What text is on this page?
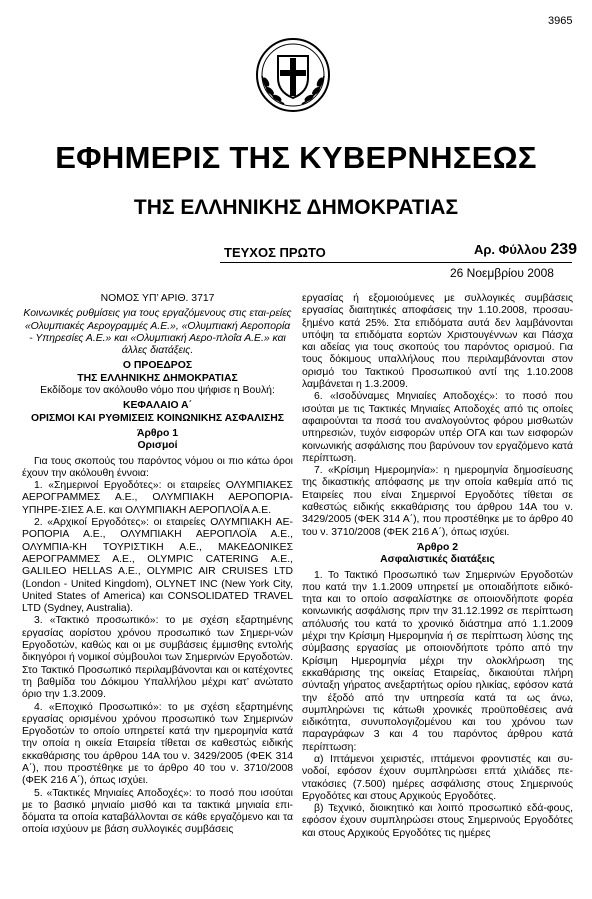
3965
ΕΦΗΜΕΡΙΣ ΤΗΣ ΚΥΒΕΡΝΗΣΕΩΣ
ΤΗΣ ΕΛΛΗΝΙΚΗΣ ΔΗΜΟΚΡΑΤΙΑΣ
ΤΕΥΧΟΣ ΠΡΩΤΟ	Αρ. Φύλλου 239
26 Νοεμβρίου 2008

ΝΟΜΟΣ ΥΠ’ ΑΡΙΘ. 3717

Κοινωνικές ρυθμίσεις για τους εργαζόμενους στις εται-ρείες «Ολυμπιακές Αερογραμμές Α.Ε.», «Ολυμπιακή Αεροπορία - Υπηρεσίες Α.Ε.» και «Ολυμπιακή Αερο-πλοΐα Α.Ε.» και άλλες διατάξεις.

Ο ΠΡΟΕΔΡΟΣ

ΤΗΣ ΕΛΛΗΝΙΚΗΣ ΔΗΜΟΚΡΑΤΙΑΣ

Εκδίδομε τον ακόλουθο νόμο που ψήφισε η Βουλή:

ΚΕΦΑΛΑΙΟ Α΄

ΟΡΙΣΜΟΙ ΚΑΙ ΡΥΘΜΙΣΕΙΣ ΚΟΙΝΩΝΙΚΗΣ ΑΣΦΑΛΙΣΗΣ

Άρθρο 1

Ορισμοί

Για τους σκοπούς του παρόντος νόμου οι πιο κάτω όροι έχουν την ακόλουθη έννοια:

1. «Σημερινοί Εργοδότες»: οι εταιρείες ΟΛΥΜΠΙΑΚΕΣ ΑΕΡΟΓΡΑΜΜΕΣ Α.Ε., ΟΛΥΜΠΙΑΚΗ ΑΕΡΟΠΟΡΙΑ-ΥΠΗΡΕ-ΣΙΕΣ Α.Ε. και ΟΛΥΜΠΙΑΚΗ ΑΕΡΟΠΛΟΪΑ Α.Ε.

2. «Αρχικοί Εργοδότες»: οι εταιρείες ΟΛΥΜΠΙΑΚΗ ΑΕ-ΡΟΠΟΡΙΑ Α.Ε., ΟΛΥΜΠΙΑΚΗ ΑΕΡΟΠΛΟΪΑ Α.Ε., ΟΛΥΜΠΙΑ-ΚΗ ΤΟΥΡΙΣΤΙΚΗ Α.Ε., ΜΑΚΕΔΟΝΙΚΕΣ ΑΕΡΟΓΡΑΜΜΕΣ Α.Ε., OLYMPIC CATERING A.E., GALILEO HELLAS A.E., OLYMPIC AIR CRUISES LTD (London - United Kingdom), OLYNET INC (New York City, United States of America) και CONSOLIDATED TRAVEL LTD (Sydney, Australia).

3. «Τακτικό προσωπικό»: το με σχέση εξαρτημένης εργασίας αορίστου χρόνου προσωπικό των Σημερι-νών Εργοδοτών, καθώς και οι με συμβάσεις έμμισθης εντολής δικηγόροι ή νομικοί σύμβουλοι των Σημερινών Εργοδοτών. Στο Τακτικό Προσωπικό περιλαμβάνονται και οι κατέχοντες τη βαθμίδα του Δόκιμου Υπαλλήλου μέχρι κατ’ ανώτατο όριο την 1.3.2009.

4. «Εποχικό Προσωπικό»: το με σχέση εξαρτημένης εργασίας ορισμένου χρόνου προσωπικό των Σημερινών Εργοδοτών το οποίο υπηρετεί κατά την ημερομηνία κατά την οποία η οικεία Εταιρεία τίθεται σε καθεστώς ειδικής εκκαθάρισης του άρθρου 14Α του ν. 3429/2005 (ΦΕΚ 314 Α΄), που προστέθηκε με το άρθρο 40 του ν. 3710/2008 (ΦΕΚ 216 Α΄), όπως ισχύει.

5. «Τακτικές Μηνιαίες Αποδοχές»: το ποσό που ισούται με το βασικό μηνιαίο μισθό και τα τακτικά μηνιαία επι-δόματα τα οποία καταβάλλονται σε κάθε εργαζόμενο και τα οποία ισχύουν με βάση συλλογικές συμβάσεις

εργασίας ή εξομοιούμενες με συλλογικές συμβάσεις εργασίας διαιτητικές αποφάσεις την 1.10.2008, προσαυ-ξημένο κατά 25%. Στα επιδόματα αυτά δεν λαμβάνονται υπόψη τα επιδόματα εορτών Χριστουγέννων και Πάσχα και αδείας για τους σκοπούς του παρόντος ορισμού. Για τους δόκιμους υπαλλήλους που περιλαμβάνονται στον ορισμό του Τακτικού Προσωπικού αντί της 1.10.2008 λαμβάνεται η 1.3.2009.

6. «Ισοδύναμες Μηνιαίες Αποδοχές»: το ποσό που ισούται με τις Τακτικές Μηνιαίες Αποδοχές από τις οποίες αφαιρούνται τα ποσά του αναλογούντος φόρου μισθωτών υπηρεσιών, τυχόν εισφορών υπέρ ΟΓΑ και των εισφορών κοινωνικής ασφάλισης που βαρύνουν τον εργαζόμενο κατά περίπτωση.

7. «Κρίσιμη Ημερομηνία»: η ημερομηνία δημοσίευσης της δικαστικής απόφασης με την οποία καθεμία από τις Εταιρείες που είναι Σημερινοί Εργοδότες τίθεται σε καθεστώς ειδικής εκκαθάρισης του άρθρου 14Α του ν. 3429/2005 (ΦΕΚ 314 Α΄), που προστέθηκε με το άρθρο 40 του ν. 3710/2008 (ΦΕΚ 216 Α΄), όπως ισχύει.

Άρθρο 2

Ασφαλιστικές διατάξεις

1. Το Τακτικό Προσωπικό των Σημερινών Εργοδοτών που κατά την 1.1.2009 υπηρετεί με οποιαδήποτε ειδικό-τητα και το οποίο ασφαλίστηκε σε οποιονδήποτε φορέα κοινωνικής ασφάλισης πριν την 31.12.1992 σε περίπτωση απόλυσής του κατά το χρονικό διάστημα από 1.1.2009 μέχρι την Κρίσιμη Ημερομηνία ή σε περίπτωση λύσης της σύμβασης εργασίας με οποιονδήποτε τρόπο από την Κρίσιμη Ημερομηνία μέχρι την ολοκλήρωση της εκκαθάρισης της οικείας Εταιρείας, δικαιούται πλήρη σύνταξη γήρατος ανεξαρτήτως ορίου ηλικίας, εφόσον κατά την έξοδό από την υπηρεσία κατά τα ως άνω, συμπληρώνει τις κάτωθι χρονικές προϋποθέσεις ανά ειδικότητα, συνυπολογιζομένου και του χρόνου των παραγράφων 3 και 4 του παρόντος άρθρου κατά περίπτωση:

α) Ιπτάμενοι χειριστές, ιπτάμενοι φροντιστές και συ-νοδοί, εφόσον έχουν συμπληρώσει επτά χιλιάδες πε-ντακόσιες (7.500) ημέρες ασφάλισης στους Σημερινούς Εργοδότες και στους Αρχικούς Εργοδότες.

β) Τεχνικό, διοικητικό και λοιπό προσωπικό εδά-φους, εφόσον έχουν συμπληρώσει στους Σημερινούς Εργοδότες και στους Αρχικούς Εργοδότες τις ημέρες
